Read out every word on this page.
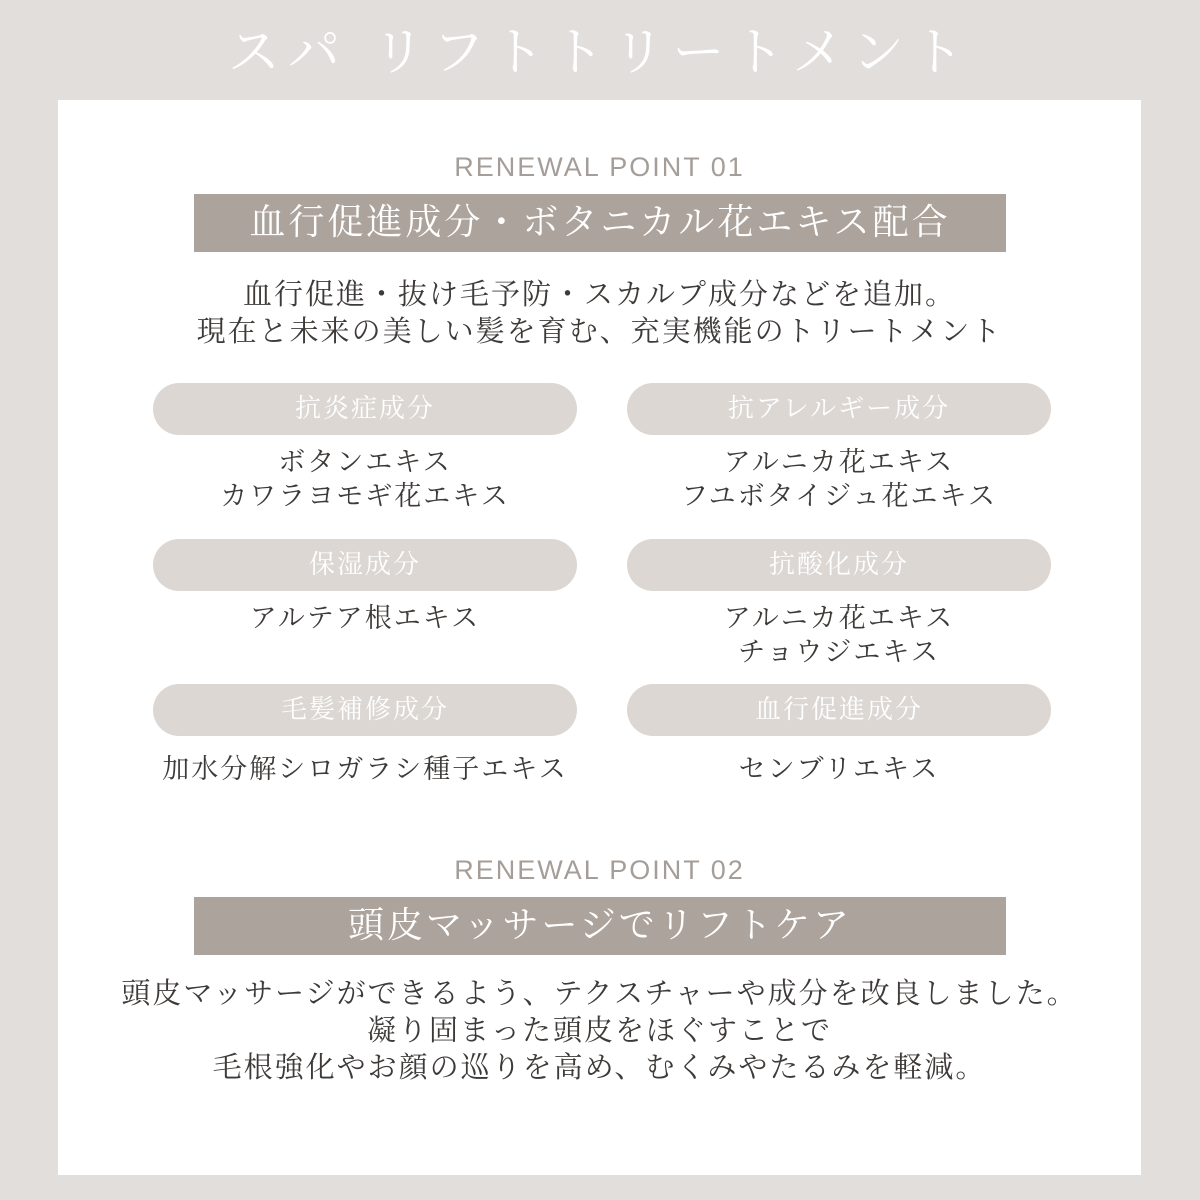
スパ リフトトリートメント
RENEWAL POINT 01
血行促進成分・ボタニカル花エキス配合
血行促進・抜け毛予防・スカルプ成分などを追加。
現在と未来の美しい髪を育む、充実機能のトリートメント
抗炎症成分
ボタンエキス
カワラヨモギ花エキス
抗アレルギー成分
アルニカ花エキス
フユボタイジュ花エキス
保湿成分
アルテア根エキス
抗酸化成分
アルニカ花エキス
チョウジエキス
毛髪補修成分
加水分解シロガラシ種子エキス
血行促進成分
センブリエキス
RENEWAL POINT 02
頭皮マッサージでリフトケア
頭皮マッサージができるよう、テクスチャーや成分を改良しました。
凝り固まった頭皮をほぐすことで
毛根強化やお顔の巡りを高め、むくみやたるみを軽減。
